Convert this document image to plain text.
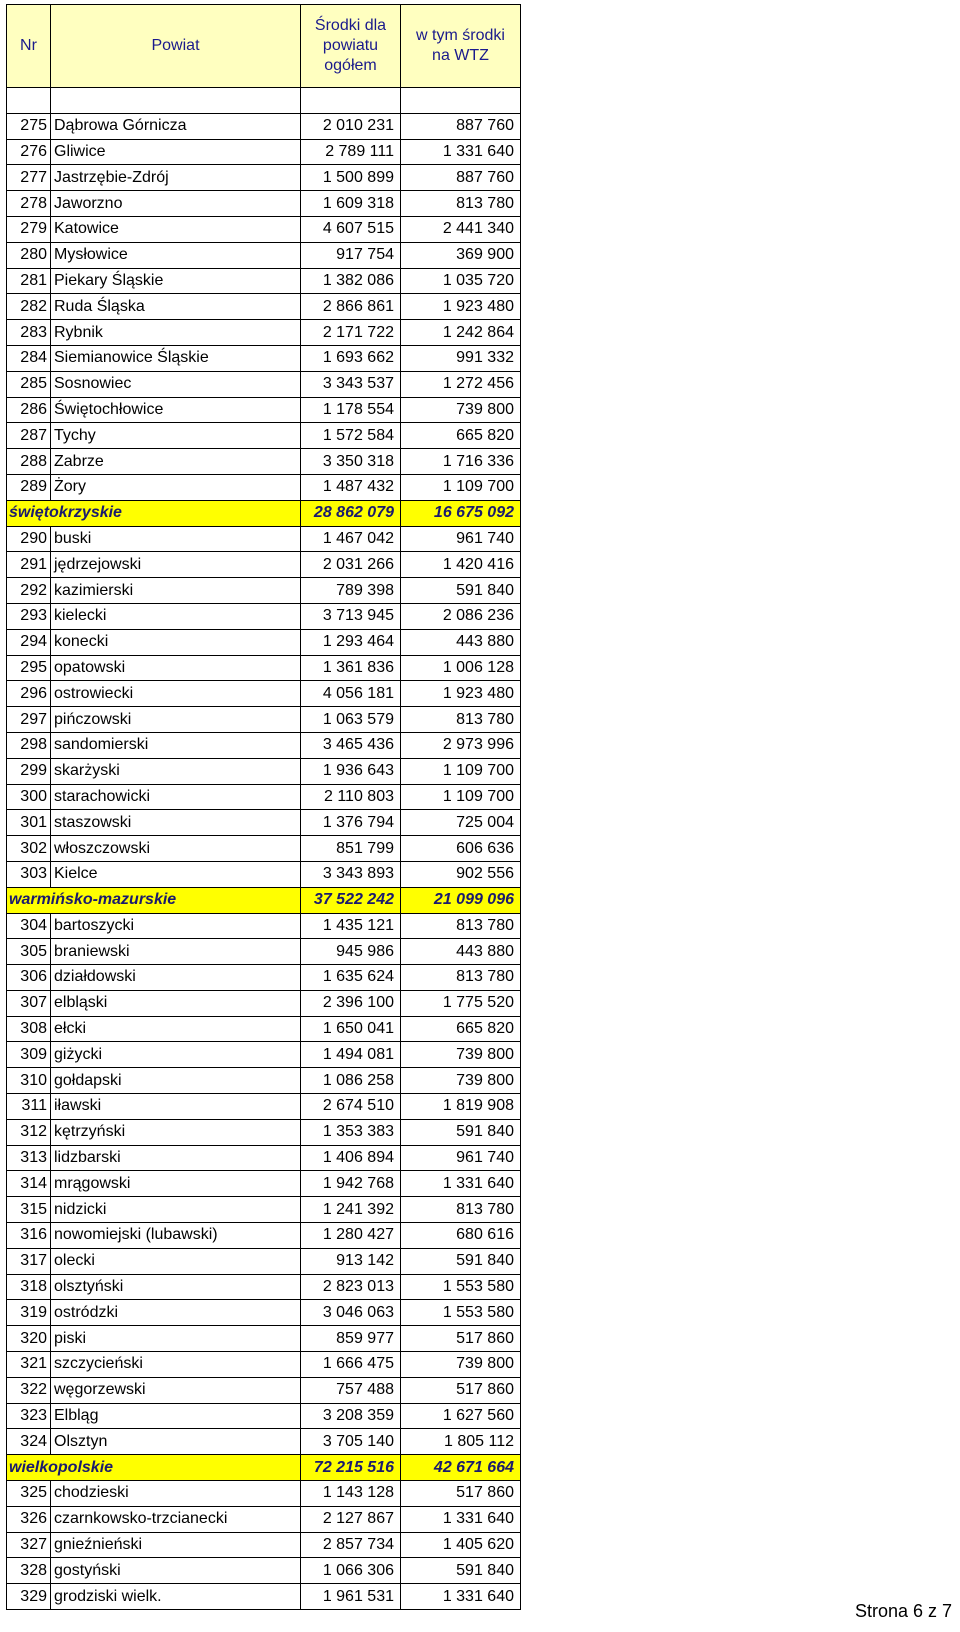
Nr	Powiat	Środki dla powiatu ogółem	w tym środki na WTZ

275	Dąbrowa Górnicza	2 010 231	887 760
276	Gliwice	2 789 111	1 331 640
277	Jastrzębie-Zdrój	1 500 899	887 760
278	Jaworzno	1 609 318	813 780
279	Katowice	4 607 515	2 441 340
280	Mysłowice	917 754	369 900
281	Piekary Śląskie	1 382 086	1 035 720
282	Ruda Śląska	2 866 861	1 923 480
283	Rybnik	2 171 722	1 242 864
284	Siemianowice Śląskie	1 693 662	991 332
285	Sosnowiec	3 343 537	1 272 456
286	Świętochłowice	1 178 554	739 800
287	Tychy	1 572 584	665 820
288	Zabrze	3 350 318	1 716 336
289	Żory	1 487 432	1 109 700
świętokrzyskie		28 862 079	16 675 092
290	buski	1 467 042	961 740
291	jędrzejowski	2 031 266	1 420 416
292	kazimierski	789 398	591 840
293	kielecki	3 713 945	2 086 236
294	konecki	1 293 464	443 880
295	opatowski	1 361 836	1 006 128
296	ostrowiecki	4 056 181	1 923 480
297	pińczowski	1 063 579	813 780
298	sandomierski	3 465 436	2 973 996
299	skarżyski	1 936 643	1 109 700
300	starachowicki	2 110 803	1 109 700
301	staszowski	1 376 794	725 004
302	włoszczowski	851 799	606 636
303	Kielce	3 343 893	902 556
warmińsko-mazurskie		37 522 242	21 099 096
304	bartoszycki	1 435 121	813 780
305	braniewski	945 986	443 880
306	działdowski	1 635 624	813 780
307	elbląski	2 396 100	1 775 520
308	ełcki	1 650 041	665 820
309	giżycki	1 494 081	739 800
310	gołdapski	1 086 258	739 800
311	iławski	2 674 510	1 819 908
312	kętrzyński	1 353 383	591 840
313	lidzbarski	1 406 894	961 740
314	mrągowski	1 942 768	1 331 640
315	nidzicki	1 241 392	813 780
316	nowomiejski (lubawski)	1 280 427	680 616
317	olecki	913 142	591 840
318	olsztyński	2 823 013	1 553 580
319	ostródzki	3 046 063	1 553 580
320	piski	859 977	517 860
321	szczycieński	1 666 475	739 800
322	węgorzewski	757 488	517 860
323	Elbląg	3 208 359	1 627 560
324	Olsztyn	3 705 140	1 805 112
wielkopolskie		72 215 516	42 671 664
325	chodzieski	1 143 128	517 860
326	czarnkowsko-trzcianecki	2 127 867	1 331 640
327	gnieźnieński	2 857 734	1 405 620
328	gostyński	1 066 306	591 840
329	grodziski wielk.	1 961 531	1 331 640
Strona 6 z 7
